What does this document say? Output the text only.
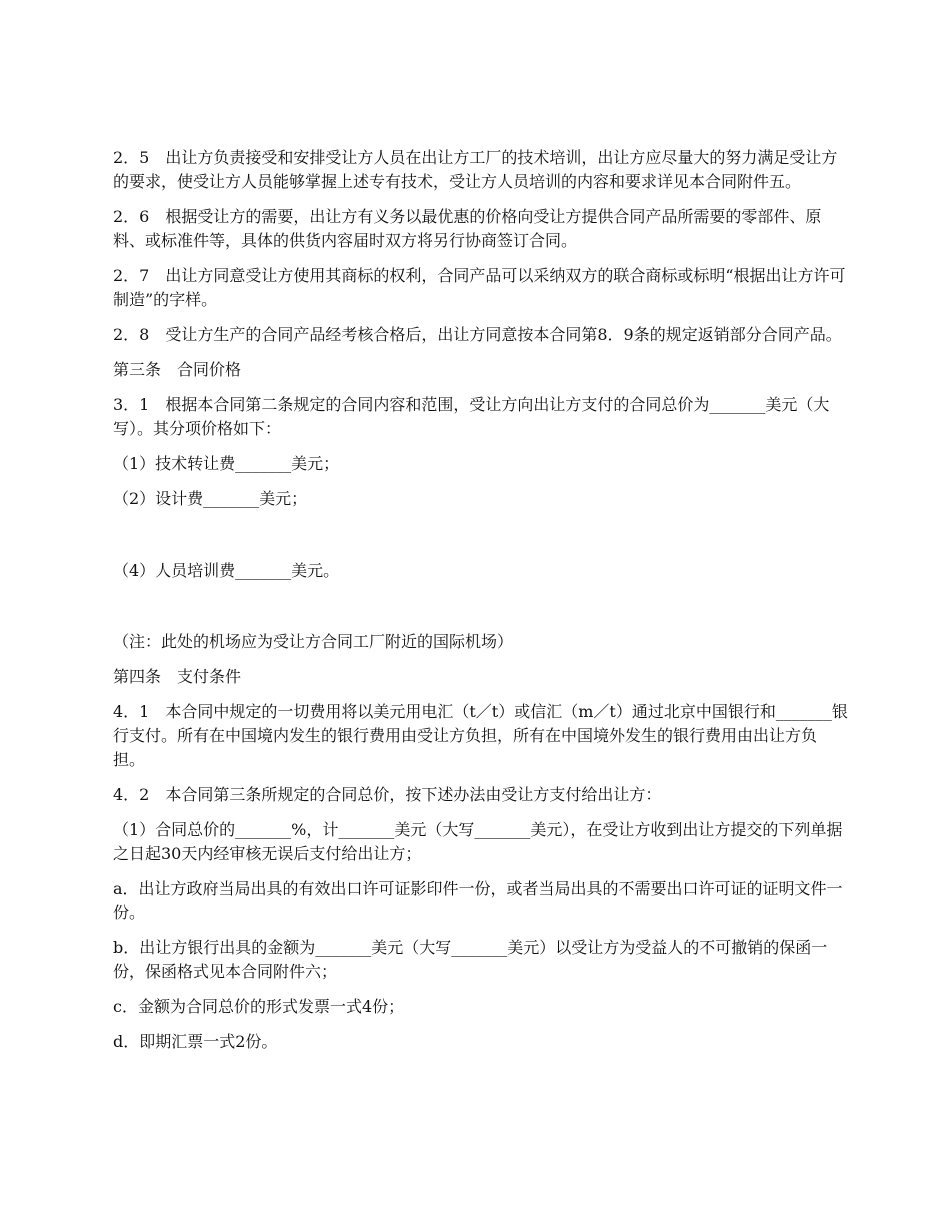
2．5　出让方负责接受和安排受让方人员在出让方工厂的技术培训，出让方应尽量大的努力满足受让方的要求，使受让方人员能够掌握上述专有技术，受让方人员培训的内容和要求详见本合同附件五。

2．6　根据受让方的需要，出让方有义务以最优惠的价格向受让方提供合同产品所需要的零部件、原料、或标准件等，具体的供货内容届时双方将另行协商签订合同。

2．7　出让方同意受让方使用其商标的权利，合同产品可以采纳双方的联合商标或标明“根据出让方许可制造”的字样。

2．8　受让方生产的合同产品经考核合格后，出让方同意按本合同第8．9条的规定返销部分合同产品。

第三条　合同价格

3．1　根据本合同第二条规定的合同内容和范围，受让方向出让方支付的合同总价为_______美元（大写）。其分项价格如下：

（1）技术转让费_______美元；

（2）设计费_______美元；

（4）人员培训费_______美元。

（注：此处的机场应为受让方合同工厂附近的国际机场）

第四条　支付条件

4．1　本合同中规定的一切费用将以美元用电汇（t／t）或信汇（m／t）通过北京中国银行和_______银行支付。所有在中国境内发生的银行费用由受让方负担，所有在中国境外发生的银行费用由出让方负担。

4．2　本合同第三条所规定的合同总价，按下述办法由受让方支付给出让方：

（1）合同总价的_______%，计_______美元（大写_______美元），在受让方收到出让方提交的下列单据之日起30天内经审核无误后支付给出让方；

a．出让方政府当局出具的有效出口许可证影印件一份，或者当局出具的不需要出口许可证的证明文件一份。

b．出让方银行出具的金额为_______美元（大写_______美元）以受让方为受益人的不可撤销的保函一份，保函格式见本合同附件六；

c．金额为合同总价的形式发票一式4份；

d．即期汇票一式2份。
